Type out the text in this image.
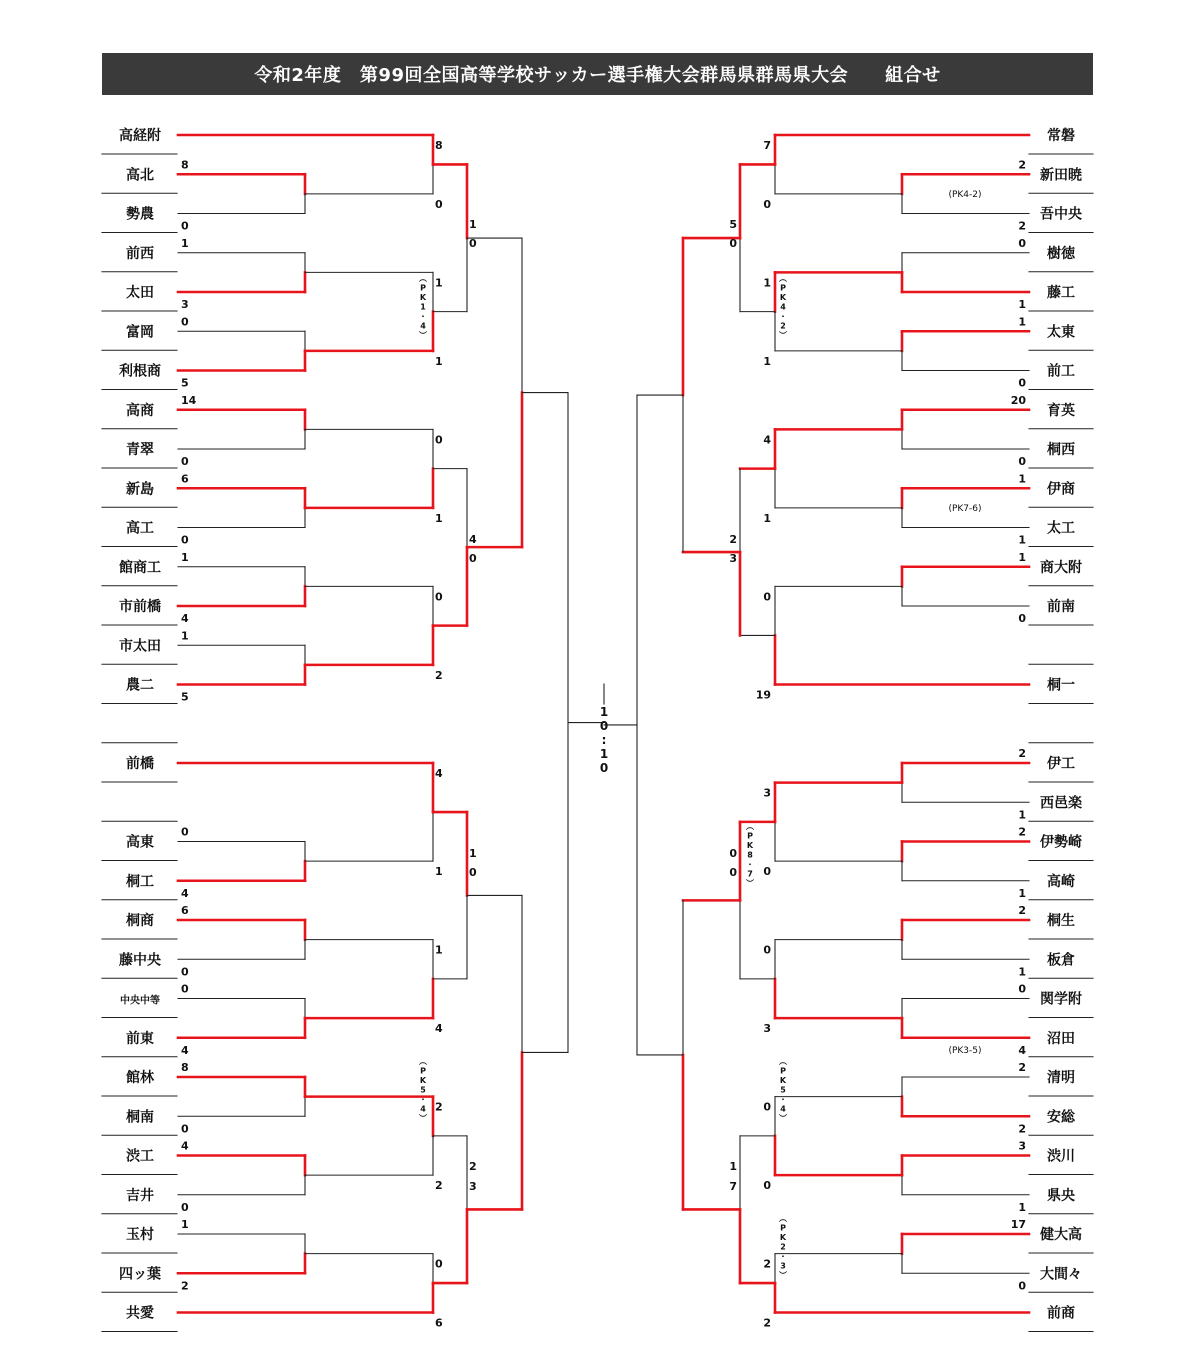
令和2年度　第99回全国高等学校サッカー選手権大会群馬県群馬県大会　　組合せ
高経附
高北
勢農
前西
太田
富岡
利根商
高商
青翠
新島
高工
館商工
市前橋
市太田
農二
前橋
高東
桐工
桐商
藤中央
中央中等
前東
館林
桐南
渋工
吉井
玉村
四ッ葉
共愛
常磐
新田暁
吾中央
樹徳
藤工
太東
前工
育英
桐西
伊商
太工
商大附
前南
桐一
伊工
西邑楽
伊勢崎
高崎
桐生
板倉
関学附
沼田
清明
安総
渋川
県央
健大高
大間々
前商
1
0
:
1
0
8
0
1
3
0
5
14
0
6
0
1
4
1
5
0
4
6
0
0
4
8
0
4
0
1
2
8
0
1
1
0
1
0
2
4
1
1
4
2
2
0
6
1
0
4
0
1
0
2
3
2
2
0
1
1
0
20
0
1
1
1
0
2
1
2
1
2
1
0
4
2
2
3
1
17
0
7
0
1
1
4
1
0
19
3
0
0
3
0
0
2
2
5
0
2
3
0
0
1
7
(PK4-2)
(PK7-6)
(PK3-5)
︵
P
K
1
・
4
︶
︵
P
K
5
・
4
︶
︵
P
K
4
・
2
︶
︵
P
K
8
・
7
︶
︵
P
K
5
・
4
︶
︵
P
K
2
・
3
︶
